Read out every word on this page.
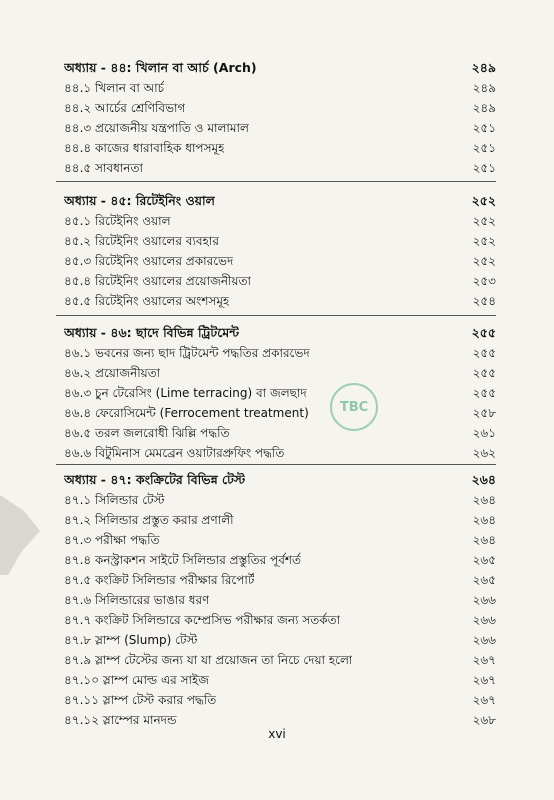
অধ্যায় - ৪৪: খিলান বা আর্চ (Arch)	২৪৯
৪৪.১ খিলান বা আর্চ	২৪৯
৪৪.২ আর্চের শ্রেণিবিভাগ	২৪৯
৪৪.৩ প্রয়োজনীয় যন্ত্রপাতি ও মালামাল	২৫১
৪৪.৪ কাজের ধারাবাহিক ধাপসমূহ	২৫১
৪৪.৫ সাবধানতা	২৫১
অধ্যায় - ৪৫: রিটেইনিং ওয়াল	২৫২
৪৫.১ রিটেইনিং ওয়াল	২৫২
৪৫.২ রিটেইনিং ওয়ালের ব্যবহার	২৫২
৪৫.৩ রিটেইনিং ওয়ালের প্রকারভেদ	২৫২
৪৫.৪ রিটেইনিং ওয়ালের প্রয়োজনীয়তা	২৫৩
৪৫.৫ রিটেইনিং ওয়ালের অংশসমূহ	২৫৪
অধ্যায় - ৪৬: ছাদে বিভিন্ন ট্রিটমেন্ট	২৫৫
৪৬.১ ভবনের জন্য ছাদ ট্রিটমেন্ট পদ্ধতির প্রকারভেদ	২৫৫
৪৬.২ প্রয়োজনীয়তা	২৫৫
৪৬.৩ চুন টেরেসিং (Lime terracing) বা জলছাদ	২৫৫
৪৬.৪ ফেরোসিমেন্ট (Ferrocement treatment)	২৫৮
৪৬.৫ তরল জলরোধী ঝিল্লি পদ্ধতি	২৬১
৪৬.৬ বিটুমিনাস মেমব্রেন ওয়াটারপ্রুফিং পদ্ধতি	২৬২
অধ্যায় - ৪৭: কংক্রিটের বিভিন্ন টেস্ট	২৬৪
৪৭.১ সিলিন্ডার টেস্ট	২৬৪
৪৭.২ সিলিন্ডার প্রস্তুত করার প্রণালী	২৬৪
৪৭.৩ পরীক্ষা পদ্ধতি	২৬৪
৪৭.৪ কনস্ট্রাকশন সাইটে সিলিন্ডার প্রস্তুতির পূর্বশর্ত	২৬৫
৪৭.৫ কংক্রিট সিলিন্ডার পরীক্ষার রিপোর্ট	২৬৫
৪৭.৬ সিলিন্ডারের ভাঙার ধরণ	২৬৬
৪৭.৭ কংক্রিট সিলিন্ডারে কম্প্রেসিভ পরীক্ষার জন্য সতর্কতা	২৬৬
৪৭.৮ স্লাম্প (Slump) টেস্ট	২৬৬
৪৭.৯ স্লাম্প টেস্টের জন্য যা যা প্রয়োজন তা নিচে দেয়া হলো	২৬৭
৪৭.১০ স্লাম্প মোল্ড এর সাইজ	২৬৭
৪৭.১১ স্লাম্প টেস্ট করার পদ্ধতি	২৬৭
৪৭.১২ স্লাম্পের মানদন্ড	২৬৮
TBC
xvi
